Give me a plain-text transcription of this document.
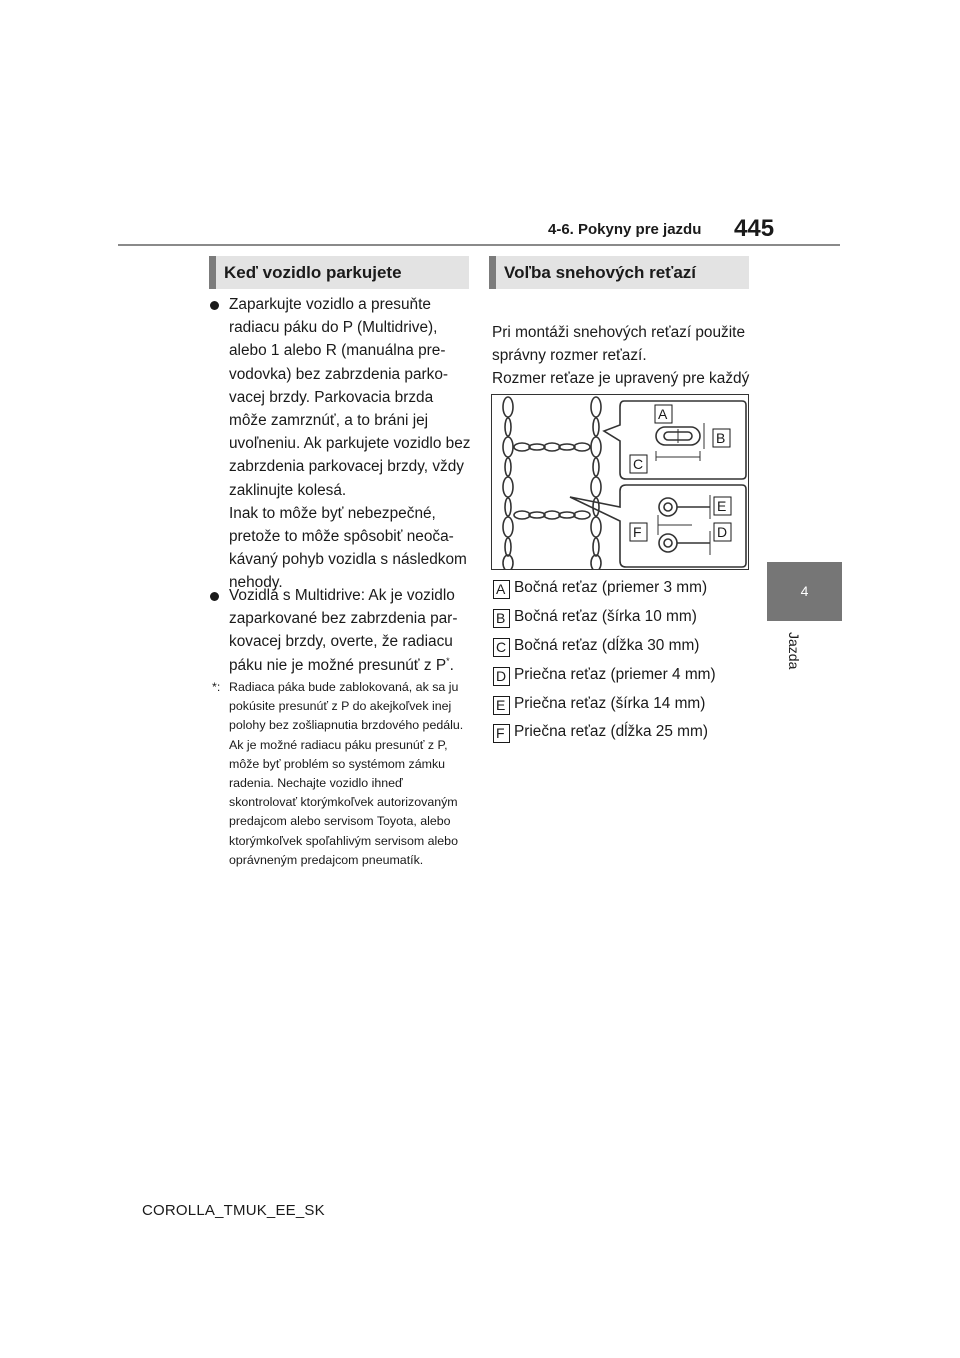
4-6. Pokyny pre jazdu 445
4
Jazda
Keď vozidlo parkujete
Zaparkujte vozidlo a presuňte radiacu páku do P (Multidrive), alebo 1 alebo R (manuálna prevodovka) bez zabrzdenia parkovacej brzdy. Parkovacia brzda môže zamrznúť, a to bráni jej uvoľneniu. Ak parkujete vozidlo bez zabrzdenia parkovacej brzdy, vždy zaklinujte kolesá.
Inak to môže byť nebezpečné, pretože to môže spôsobiť neočakávaný pohyb vozidla s následkom nehody.
Vozidlá s Multidrive: Ak je vozidlo zaparkované bez zabrzdenia parkovacej brzdy, overte, že radiacu páku nie je možné presunúť z P*.
*: Radiaca páka bude zablokovaná, ak sa ju pokúsite presunúť z P do akejkoľvek inej polohy bez zošliapnutia brzdového pedálu. Ak je možné radiacu páku presunúť z P, môže byť problém so systémom zámku radenia. Nechajte vozidlo ihneď skontrolovať ktorýmkoľvek autorizovaným predajcom alebo servisom Toyota, alebo ktorýmkoľvek spoľahlivým servisom alebo oprávneným predajcom pneumatík.
Voľba snehových reťazí
Pri montáži snehových reťazí použite správny rozmer reťazí.
Rozmer reťaze je upravený pre každý
A
B
C
E
F	D
A Bočná reťaz (priemer 3 mm)
B Bočná reťaz (šírka 10 mm)
C Bočná reťaz (dĺžka 30 mm)
D Priečna reťaz (priemer 4 mm)
E Priečna reťaz (šírka 14 mm)
F Priečna reťaz (dĺžka 25 mm)
COROLLA_TMUK_EE_SK
